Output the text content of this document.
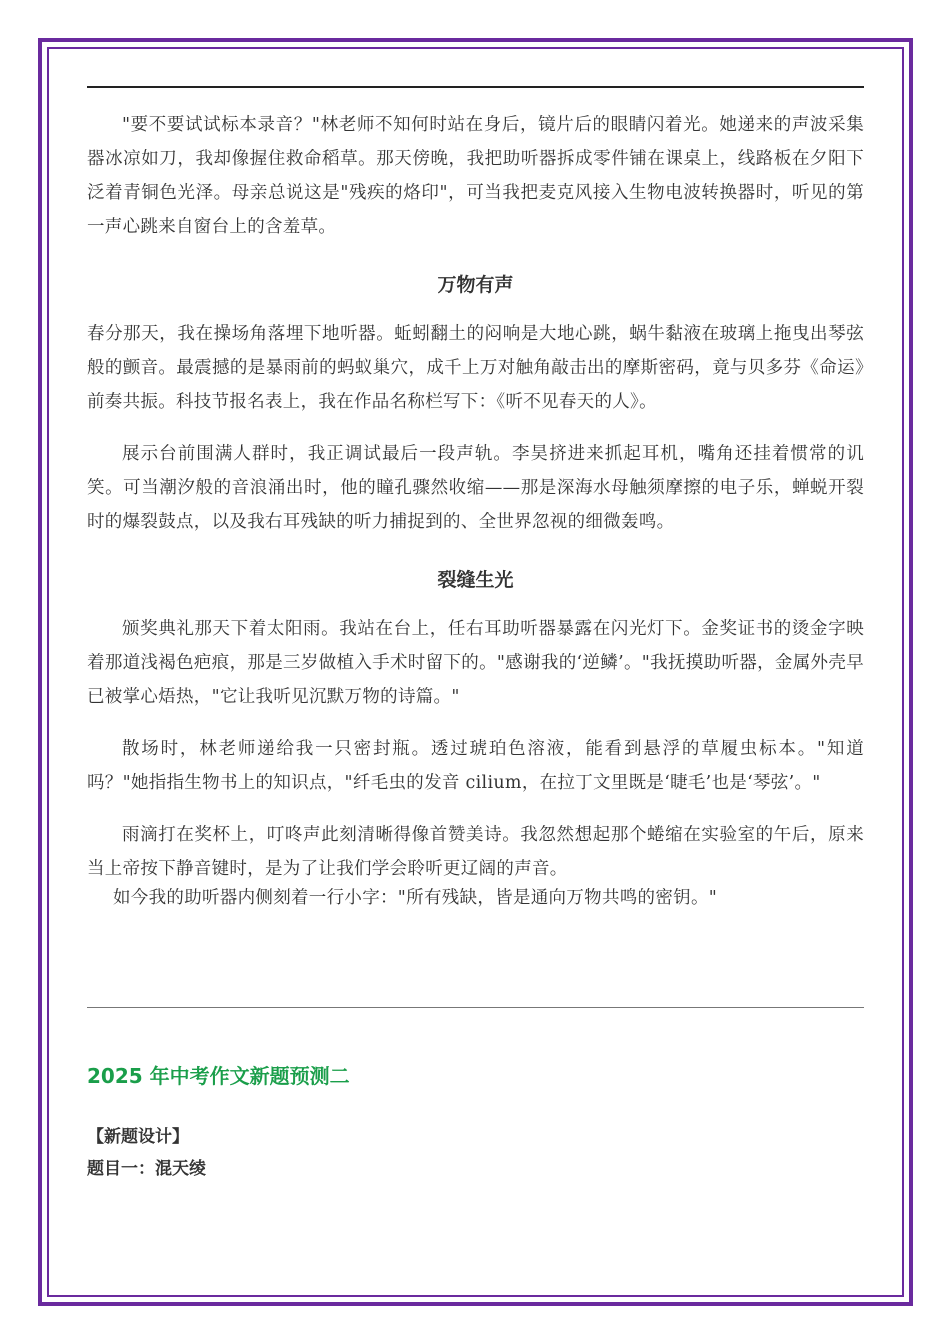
"要不要试试标本录音？"林老师不知何时站在身后，镜片后的眼睛闪着光。她递来的声波采集器冰凉如刀，我却像握住救命稻草。那天傍晚，我把助听器拆成零件铺在课桌上，线路板在夕阳下泛着青铜色光泽。母亲总说这是"残疾的烙印"，可当我把麦克风接入生物电波转换器时，听见的第一声心跳来自窗台上的含羞草。

万物有声

春分那天，我在操场角落埋下地听器。蚯蚓翻土的闷响是大地心跳，蜗牛黏液在玻璃上拖曳出琴弦般的颤音。最震撼的是暴雨前的蚂蚁巢穴，成千上万对触角敲击出的摩斯密码，竟与贝多芬《命运》前奏共振。科技节报名表上，我在作品名称栏写下：《听不见春天的人》。

展示台前围满人群时，我正调试最后一段声轨。李昊挤进来抓起耳机，嘴角还挂着惯常的讥笑。可当潮汐般的音浪涌出时，他的瞳孔骤然收缩——那是深海水母触须摩擦的电子乐，蝉蜕开裂时的爆裂鼓点，以及我右耳残缺的听力捕捉到的、全世界忽视的细微轰鸣。

裂缝生光

颁奖典礼那天下着太阳雨。我站在台上，任右耳助听器暴露在闪光灯下。金奖证书的烫金字映着那道浅褐色疤痕，那是三岁做植入手术时留下的。"感谢我的‘逆鳞’。"我抚摸助听器，金属外壳早已被掌心焐热，"它让我听见沉默万物的诗篇。"

散场时，林老师递给我一只密封瓶。透过琥珀色溶液，能看到悬浮的草履虫标本。"知道吗？"她指指生物书上的知识点，"纤毛虫的发音 cilium，在拉丁文里既是‘睫毛’也是‘琴弦’。"

雨滴打在奖杯上，叮咚声此刻清晰得像首赞美诗。我忽然想起那个蜷缩在实验室的午后，原来当上帝按下静音键时，是为了让我们学会聆听更辽阔的声音。

如今我的助听器内侧刻着一行小字："所有残缺，皆是通向万物共鸣的密钥。"

2025 年中考作文新题预测二
【新题设计】
题目一：混天绫
